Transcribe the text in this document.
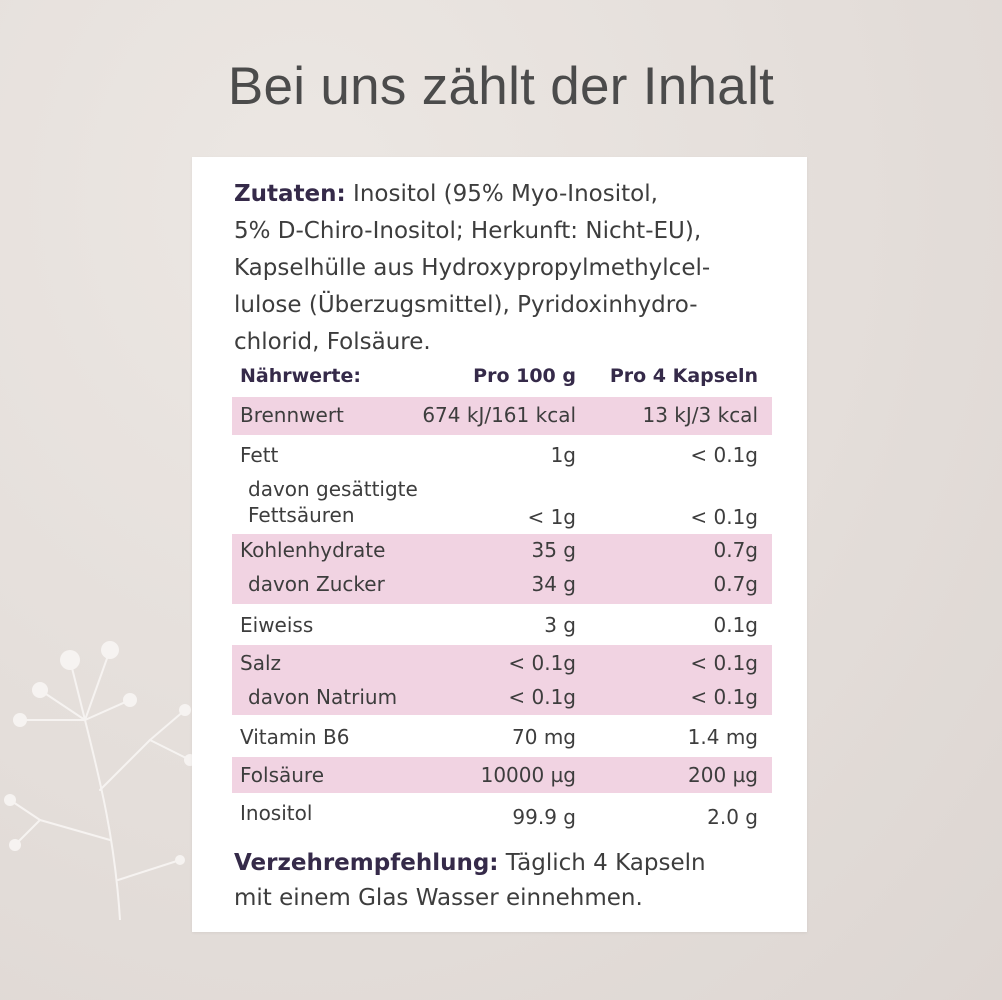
Bei uns zählt der Inhalt
Zutaten: Inositol (95% Myo-Inositol,
5% D-Chiro-Inositol; Herkunft: Nicht-EU),
Kapselhülle aus Hydroxypropylmethylcel-
lulose (Überzugsmittel), Pyridoxinhydro-
chlorid, Folsäure.
Nährwerte:	Pro 100 g Pro 4 Kapseln
Brennwert	674 kJ/161 kcal	13 kJ/3 kcal
Fett	1g	< 0.1g
davon gesättigte
Fettsäuren	< 1g	< 0.1g
Kohlenhydrate	35 g	0.7g
davon Zucker	34 g	0.7g
Eiweiss	3 g	0.1g
Salz	< 0.1g	< 0.1g
davon Natrium	< 0.1g	< 0.1g
Vitamin B6	70 mg	1.4 mg
Folsäure	10000 µg	200 µg
Inositol	99.9 g	2.0 g
Verzehrempfehlung: Täglich 4 Kapseln
mit einem Glas Wasser einnehmen.
